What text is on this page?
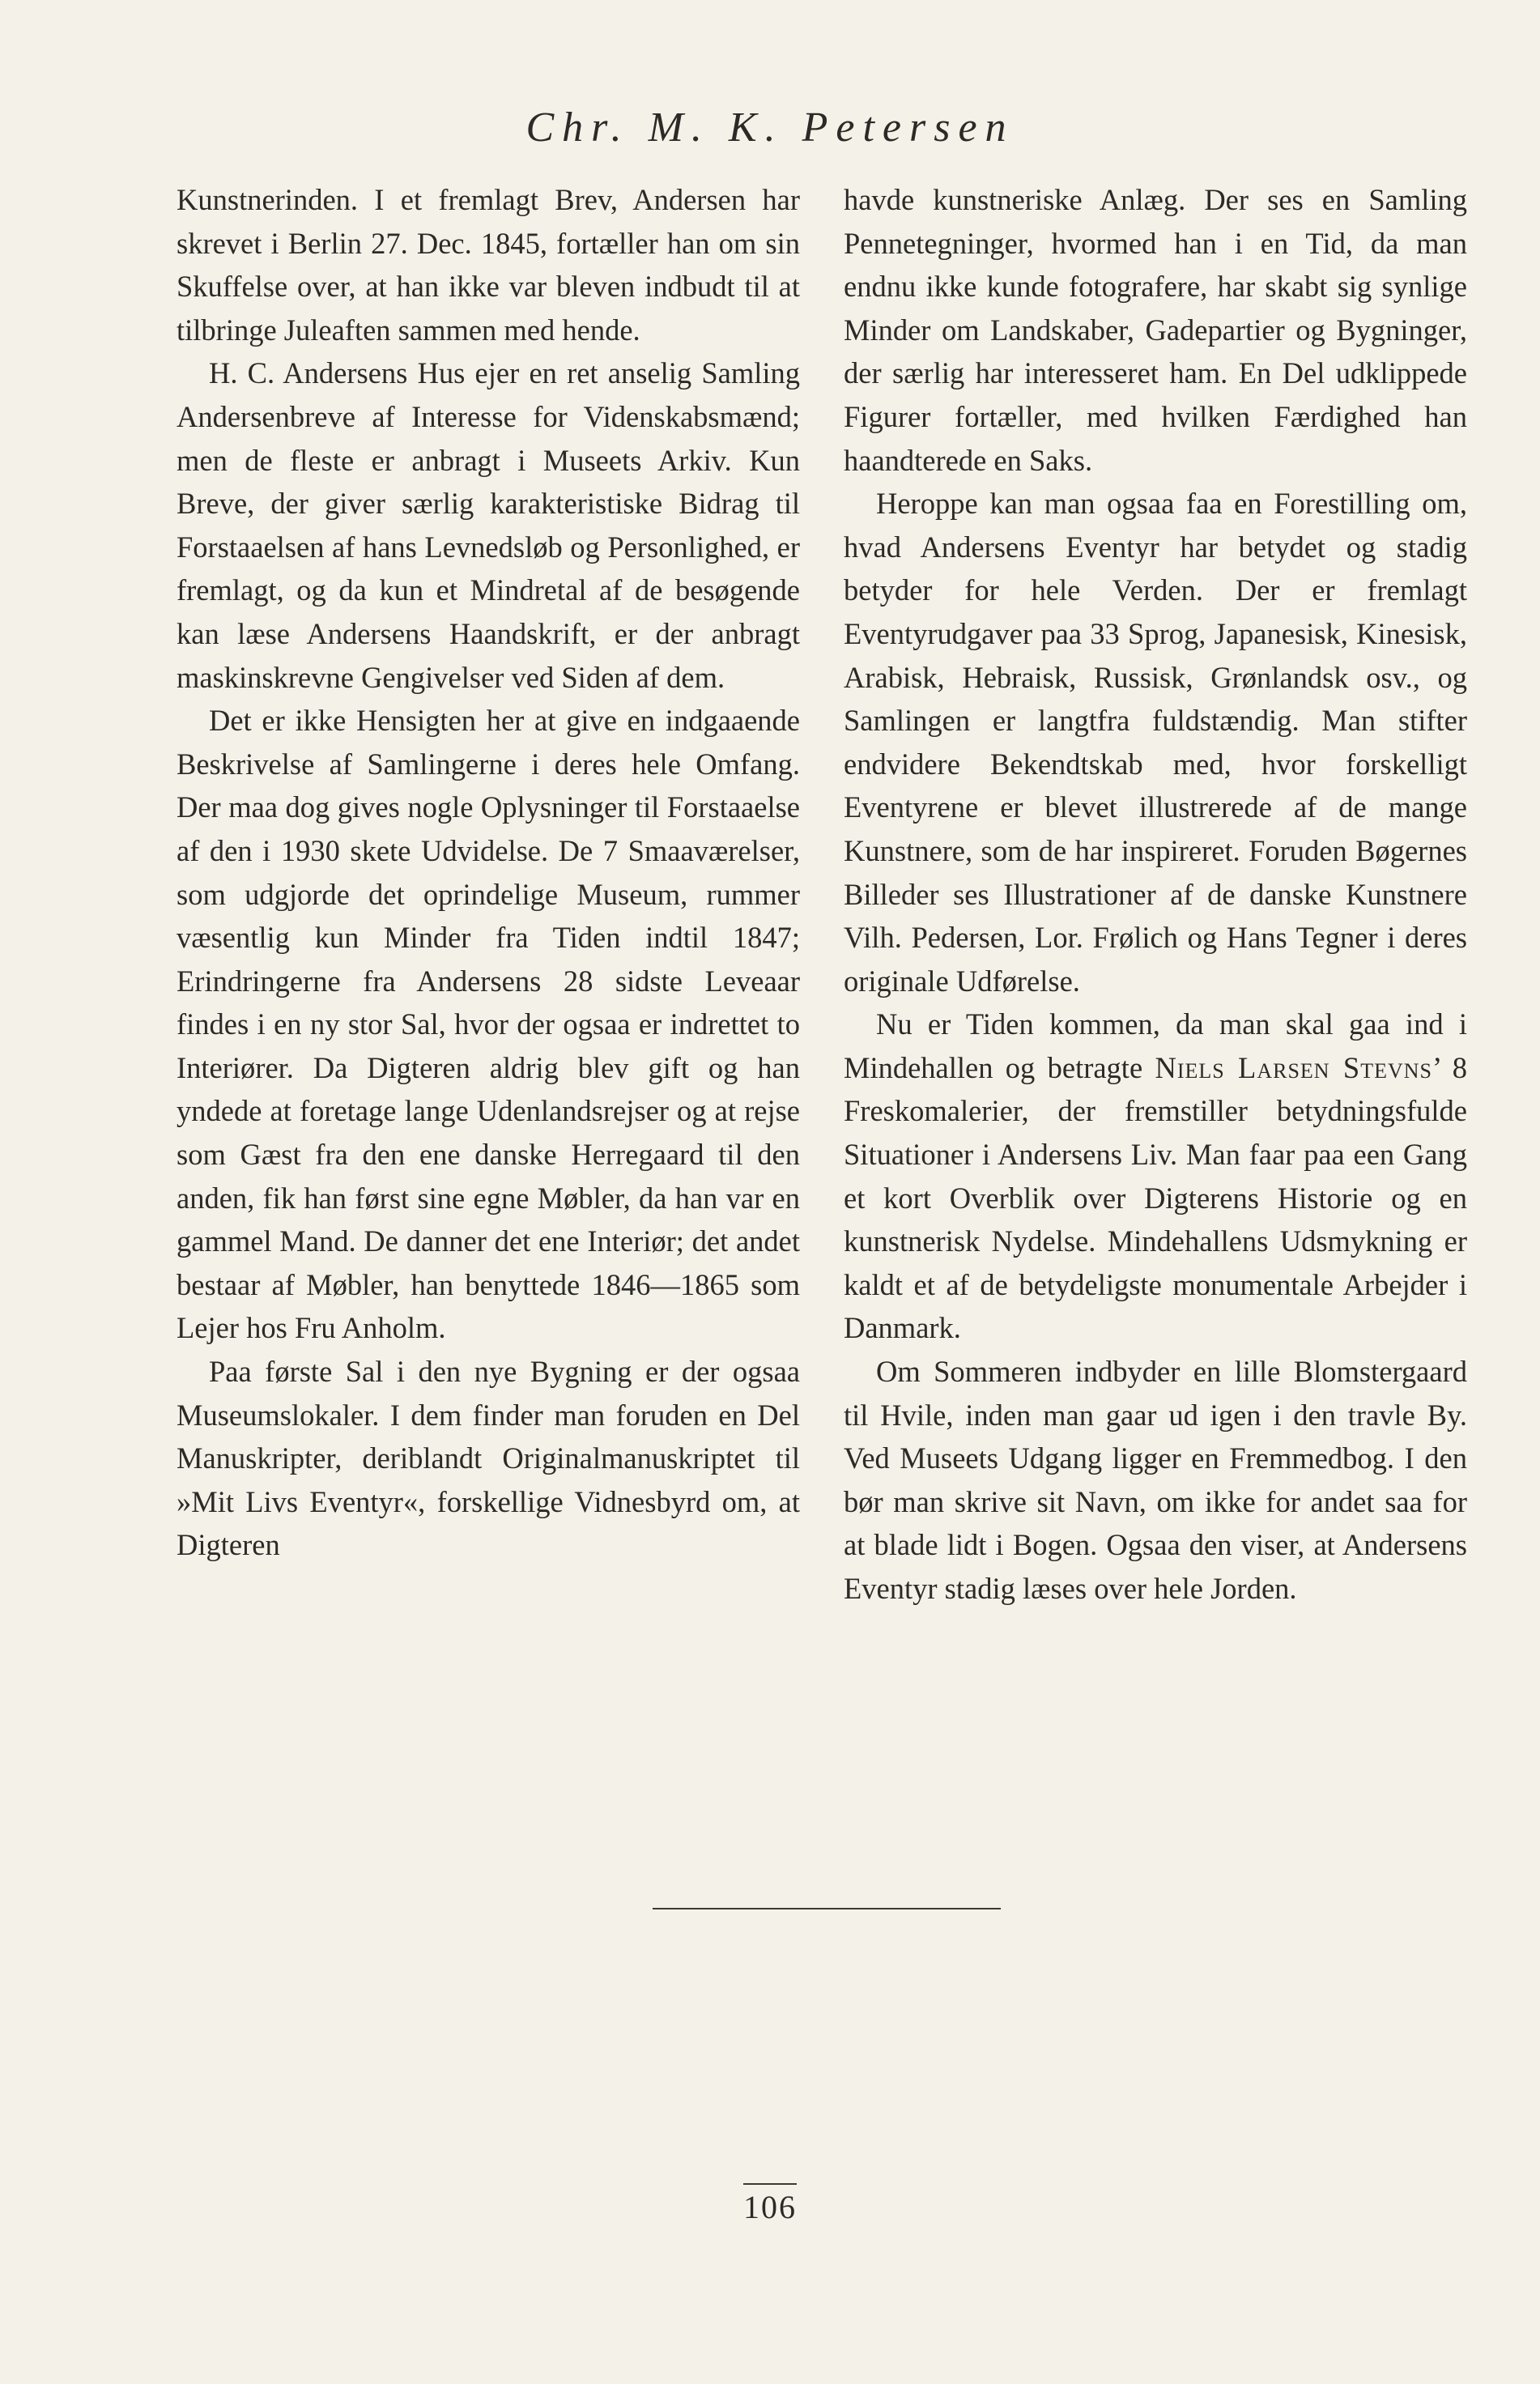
Chr. M. K. Petersen

Kunstnerinden. I et fremlagt Brev, Andersen har skrevet i Berlin 27. Dec. 1845, fortæller han om sin Skuffelse over, at han ikke var bleven indbudt til at tilbringe Juleaften sammen med hende.

H. C. Andersens Hus ejer en ret anselig Samling Andersenbreve af Interesse for Videnskabsmænd; men de fleste er anbragt i Museets Arkiv. Kun Breve, der giver særlig karakteristiske Bidrag til Forstaaelsen af hans Levnedsløb og Personlighed, er fremlagt, og da kun et Mindretal af de besøgende kan læse Andersens Haandskrift, er der anbragt maskinskrevne Gengivelser ved Siden af dem.

Det er ikke Hensigten her at give en indgaaende Beskrivelse af Samlingerne i deres hele Omfang. Der maa dog gives nogle Oplysninger til Forstaaelse af den i 1930 skete Udvidelse. De 7 Smaaværelser, som udgjorde det oprindelige Museum, rummer væsentlig kun Minder fra Tiden indtil 1847; Erindringerne fra Andersens 28 sidste Leveaar findes i en ny stor Sal, hvor der ogsaa er indrettet to Interiører. Da Digteren aldrig blev gift og han yndede at foretage lange Udenlandsrejser og at rejse som Gæst fra den ene danske Herregaard til den anden, fik han først sine egne Møbler, da han var en gammel Mand. De danner det ene Interiør; det andet bestaar af Møbler, han benyttede 1846—1865 som Lejer hos Fru Anholm.

Paa første Sal i den nye Bygning er der ogsaa Museumslokaler. I dem finder man foruden en Del Manuskripter, deriblandt Originalmanuskriptet til »Mit Livs Eventyr«, forskellige Vidnesbyrd om, at Digteren

havde kunstneriske Anlæg. Der ses en Samling Pennetegninger, hvormed han i en Tid, da man endnu ikke kunde fotografere, har skabt sig synlige Minder om Landskaber, Gadepartier og Bygninger, der særlig har interesseret ham. En Del udklippede Figurer fortæller, med hvilken Færdighed han haandterede en Saks.

Heroppe kan man ogsaa faa en Forestilling om, hvad Andersens Eventyr har betydet og stadig betyder for hele Verden. Der er fremlagt Eventyrudgaver paa 33 Sprog, Japanesisk, Kinesisk, Arabisk, Hebraisk, Russisk, Grønlandsk osv., og Samlingen er langtfra fuldstændig. Man stifter endvidere Bekendtskab med, hvor forskelligt Eventyrene er blevet illustrerede af de mange Kunstnere, som de har inspireret. Foruden Bøgernes Billeder ses Illustrationer af de danske Kunstnere Vilh. Pedersen, Lor. Frølich og Hans Tegner i deres originale Udførelse.

Nu er Tiden kommen, da man skal gaa ind i Mindehallen og betragte Niels Larsen Stevns’ 8 Freskomalerier, der fremstiller betydningsfulde Situationer i Andersens Liv. Man faar paa een Gang et kort Overblik over Digterens Historie og en kunstnerisk Nydelse. Mindehallens Udsmykning er kaldt et af de betydeligste monumentale Arbejder i Danmark.

Om Sommeren indbyder en lille Blomstergaard til Hvile, inden man gaar ud igen i den travle By. Ved Museets Udgang ligger en Fremmedbog. I den bør man skrive sit Navn, om ikke for andet saa for at blade lidt i Bogen. Ogsaa den viser, at Andersens Eventyr stadig læses over hele Jorden.

106
